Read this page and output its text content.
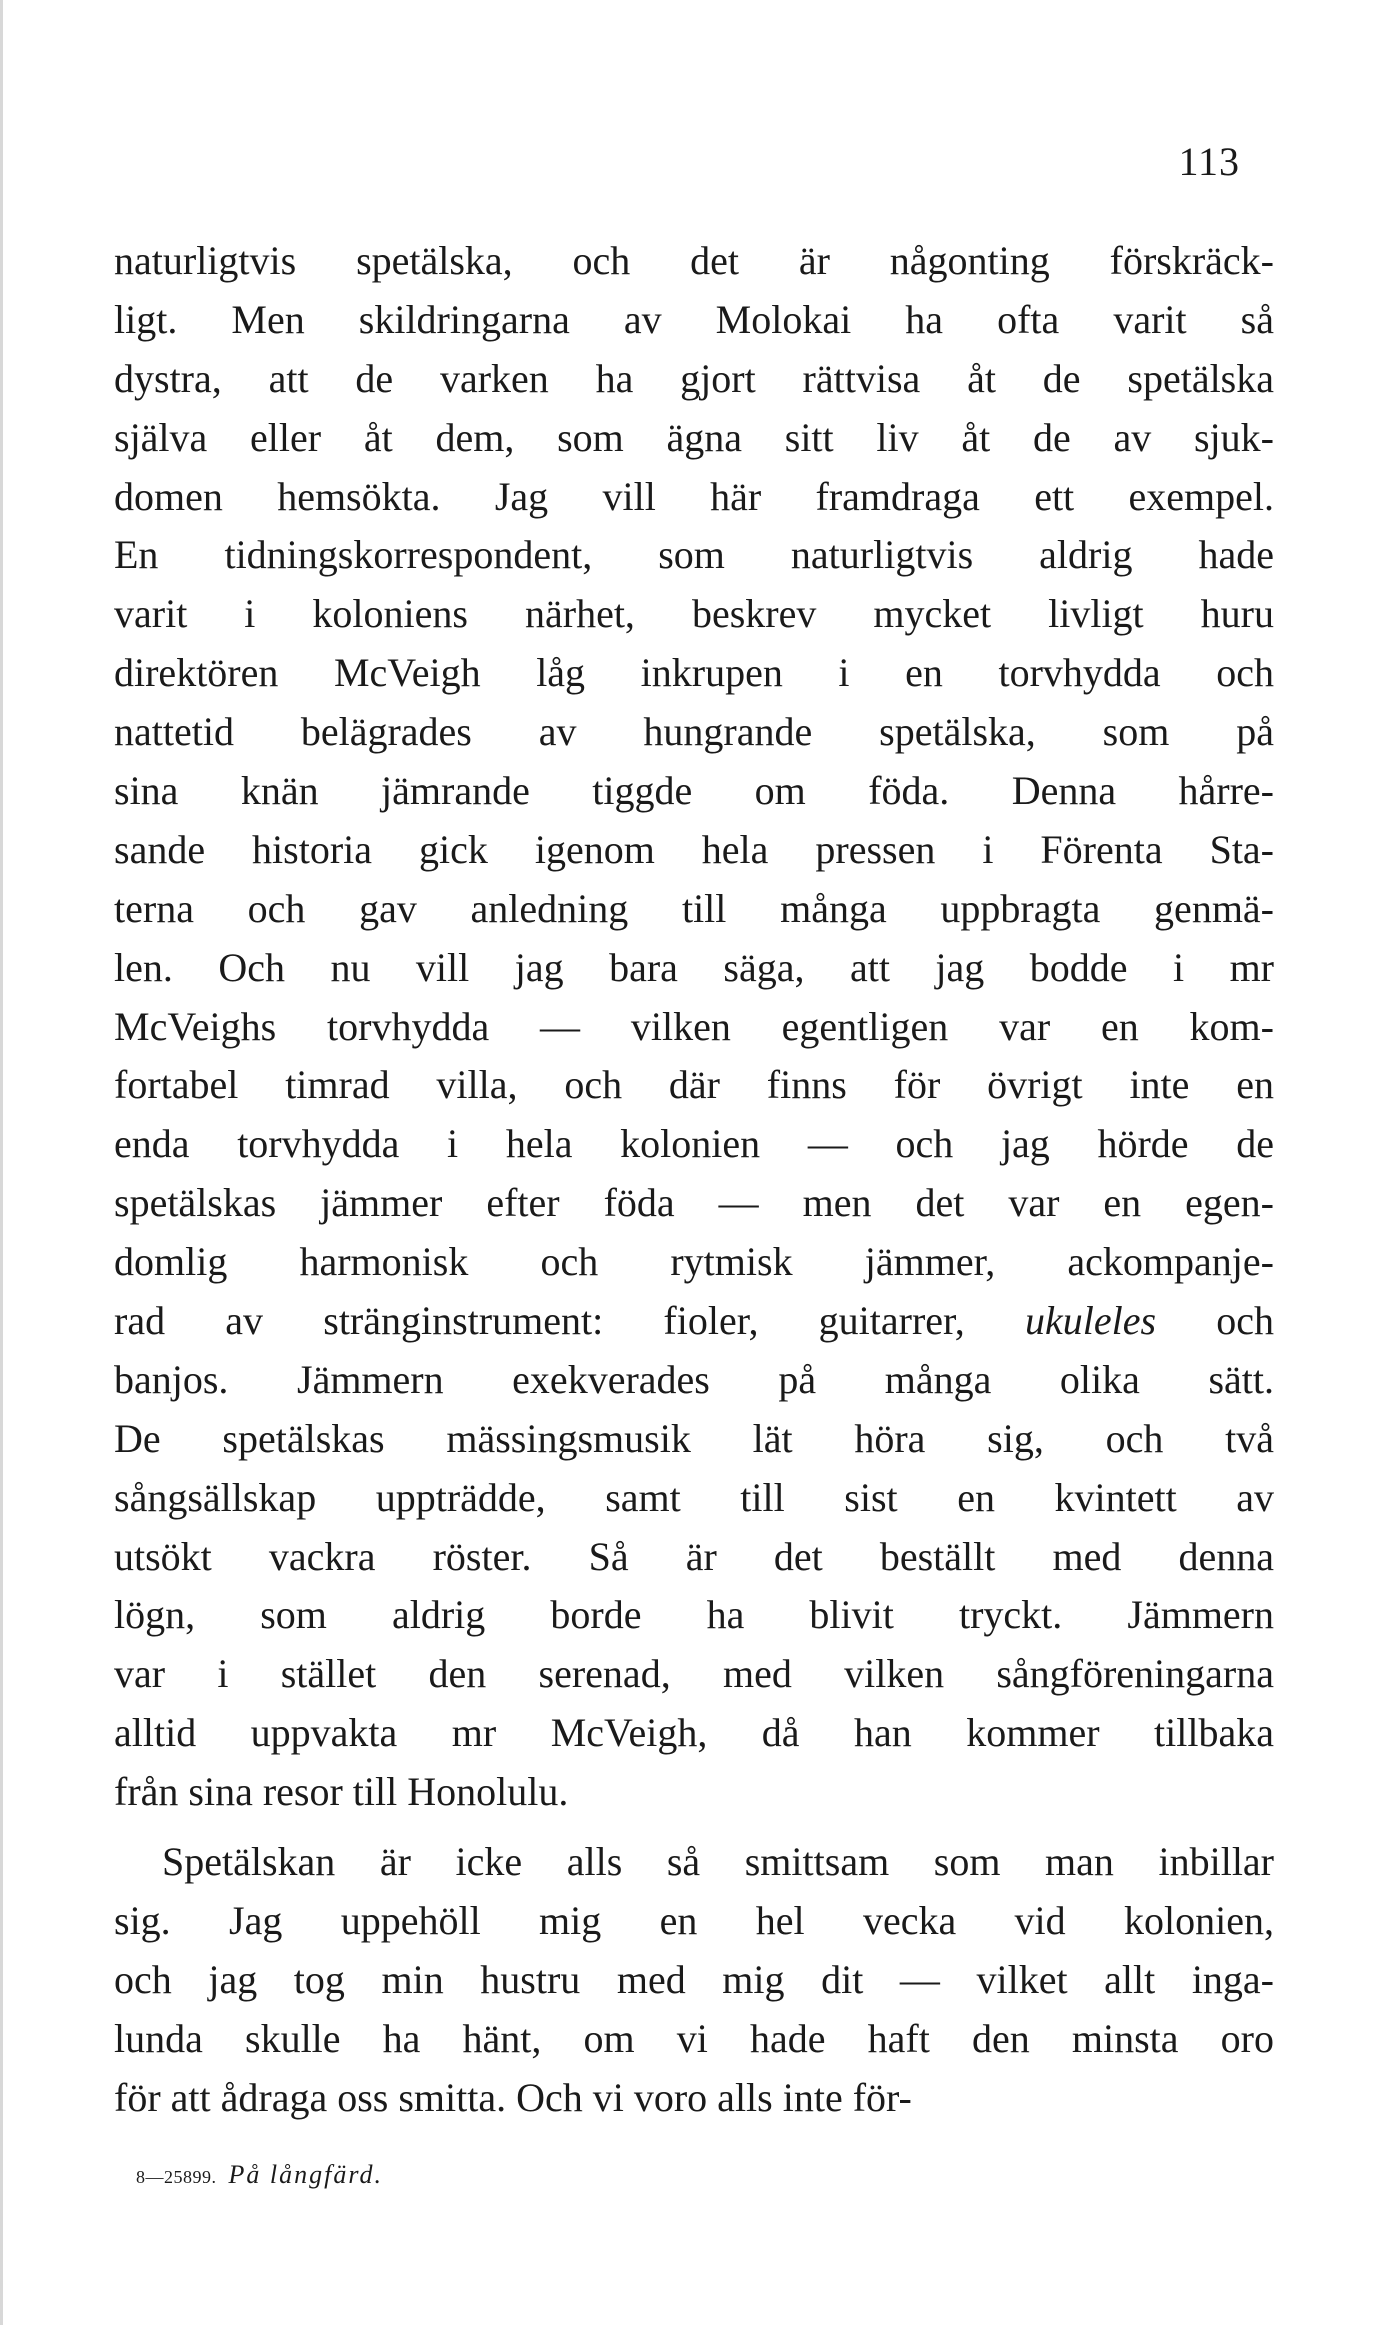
113
naturligtvis spetälska, och det är någonting förskräck-
ligt. Men skildringarna av Molokai ha ofta varit så
dystra, att de varken ha gjort rättvisa åt de spetälska
själva eller åt dem, som ägna sitt liv åt de av sjuk-
domen hemsökta. Jag vill här framdraga ett exempel.
En tidningskorrespondent, som naturligtvis aldrig hade
varit i koloniens närhet, beskrev mycket livligt huru
direktören McVeigh låg inkrupen i en torvhydda och
nattetid belägrades av hungrande spetälska, som på
sina knän jämrande tiggde om föda. Denna hårre-
sande historia gick igenom hela pressen i Förenta Sta-
terna och gav anledning till många uppbragta genmä-
len. Och nu vill jag bara säga, att jag bodde i mr
McVeighs torvhydda — vilken egentligen var en kom-
fortabel timrad villa, och där finns för övrigt inte en
enda torvhydda i hela kolonien — och jag hörde de
spetälskas jämmer efter föda — men det var en egen-
domlig harmonisk och rytmisk jämmer, ackompanje-
rad av stränginstrument: fioler, guitarrer, ukuleles och
banjos. Jämmern exekverades på många olika sätt.
De spetälskas mässingsmusik lät höra sig, och två
sångsällskap uppträdde, samt till sist en kvintett av
utsökt vackra röster. Så är det beställt med denna
lögn, som aldrig borde ha blivit tryckt. Jämmern
var i stället den serenad, med vilken sångföreningarna
alltid uppvakta mr McVeigh, då han kommer tillbaka
från sina resor till Honolulu.
Spetälskan är icke alls så smittsam som man inbillar
sig. Jag uppehöll mig en hel vecka vid kolonien,
och jag tog min hustru med mig dit — vilket allt inga-
lunda skulle ha hänt, om vi hade haft den minsta oro
för att ådraga oss smitta. Och vi voro alls inte för-
8—25899. På långfärd.
